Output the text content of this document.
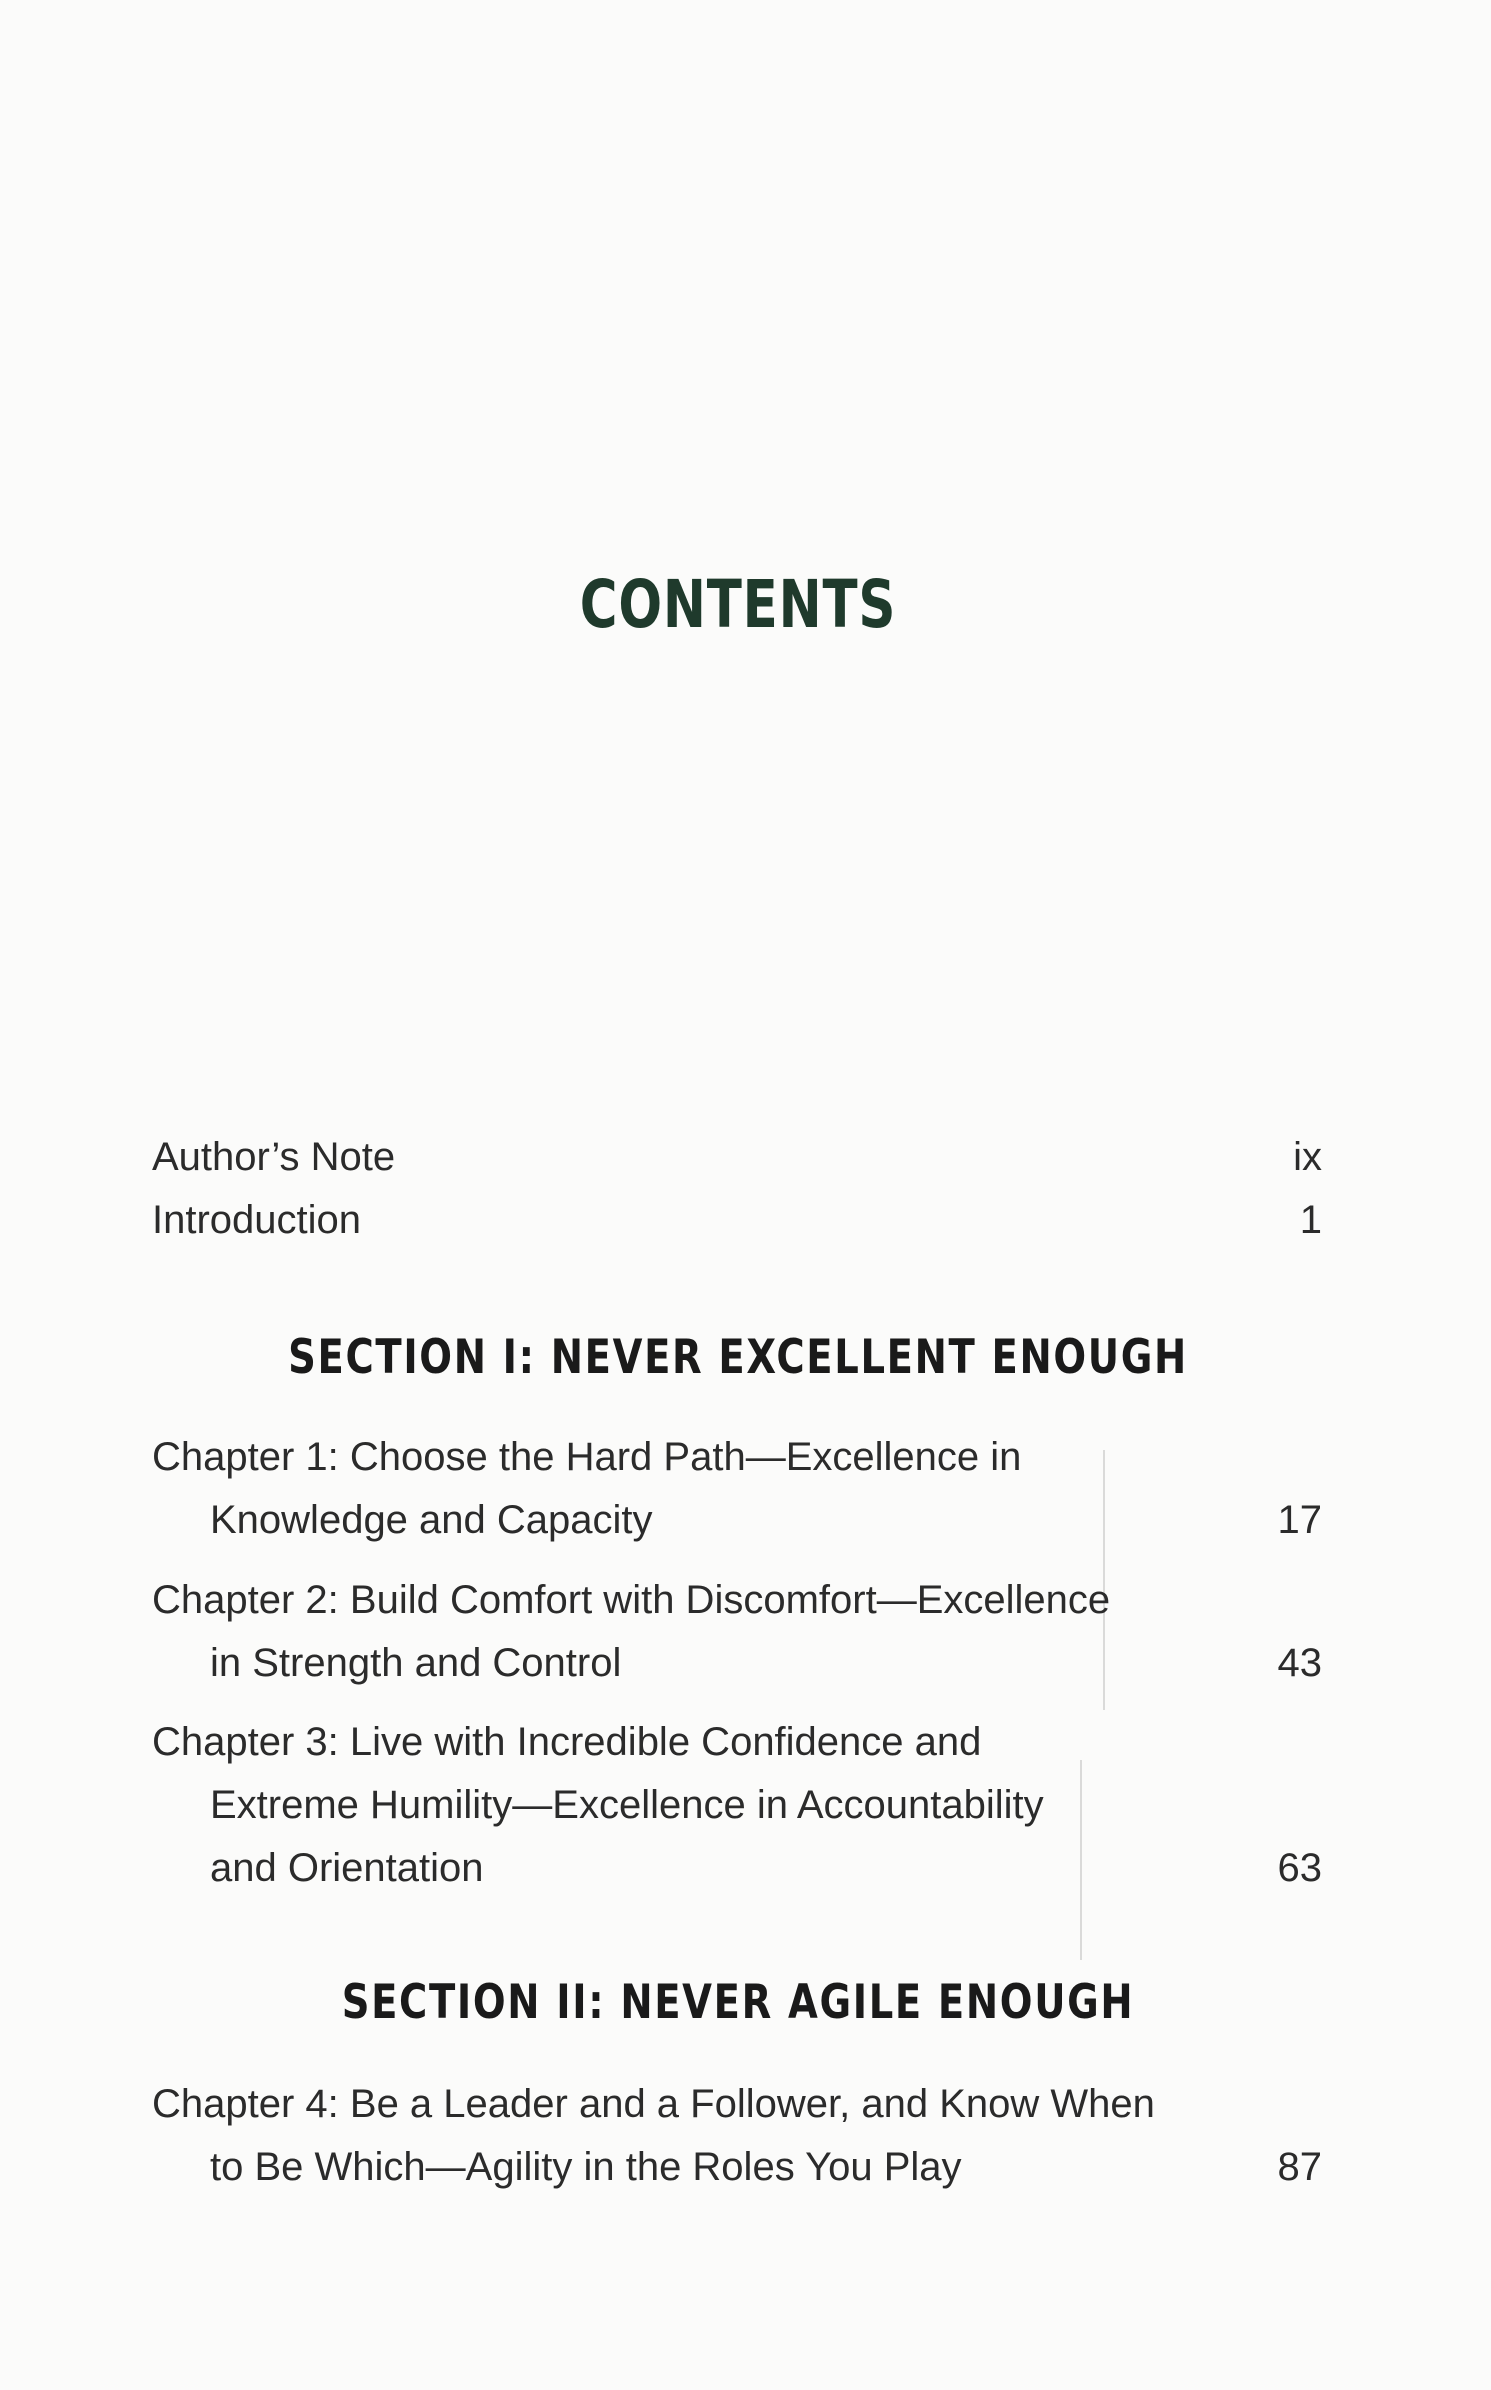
CONTENTS
Author’s Note	ix
Introduction	1
SECTION I: NEVER EXCELLENT ENOUGH
Chapter 1: Choose the Hard Path—Excellence in
Knowledge and Capacity	17
Chapter 2: Build Comfort with Discomfort—Excellence
in Strength and Control	43
Chapter 3: Live with Incredible Confidence and
Extreme Humility—Excellence in Accountability
and Orientation	63
SECTION II: NEVER AGILE ENOUGH
Chapter 4: Be a Leader and a Follower, and Know When
to Be Which—Agility in the Roles You Play	87
